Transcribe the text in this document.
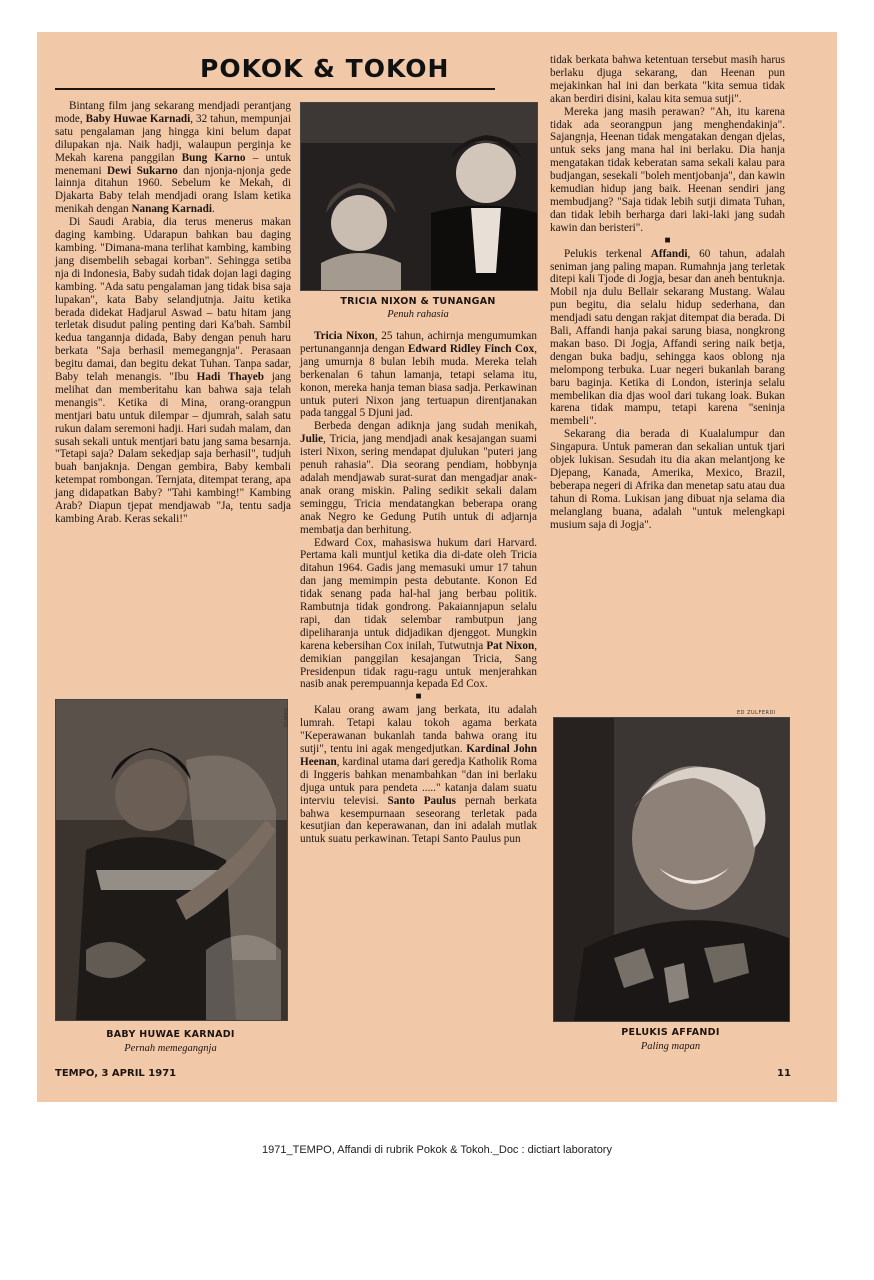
POKOK & TOKOH

Bintang film jang sekarang mendjadi perantjang mode, Baby Huwae Karnadi, 32 tahun, mempunjai satu pengalaman jang hingga kini belum dapat dilupakan nja. Naik hadji, walaupun perginja ke Mekah karena panggilan Bung Karno – untuk menemani Dewi Sukarno dan njonja-njonja gede lainnja ditahun 1960. Sebelum ke Mekah, di Djakarta Baby telah mendjadi orang Islam ketika menikah dengan Nanang Karnadi.

Di Saudi Arabia, dia terus menerus makan daging kambing. Udarapun bahkan bau daging kambing. "Dimana-mana terlihat kambing, kambing jang disembelih sebagai korban". Sehingga setiba nja di Indonesia, Baby sudah tidak dojan lagi daging kambing. "Ada satu pengalaman jang tidak bisa saja lupakan", kata Baby selandjutnja. Jaitu ketika berada didekat Hadjarul Aswad – batu hitam jang terletak disudut paling penting dari Ka'bah. Sambil kedua tangannja didada, Baby dengan penuh haru berkata "Saja berhasil memegangnja". Perasaan begitu damai, dan begitu dekat Tuhan. Tanpa sadar, Baby telah menangis. "Ibu Hadi Thayeb jang melihat dan memberitahu kan bahwa saja telah menangis". Ketika di Mina, orang-orangpun mentjari batu untuk dilempar – djumrah, salah satu rukun dalam seremoni hadji. Hari sudah malam, dan susah sekali untuk mentjari batu jang sama besarnja. "Tetapi saja? Dalam sekedjap saja berhasil", tudjuh buah banjaknja. Dengan gembira, Baby kembali ketempat rombongan. Ternjata, ditempat terang, apa jang didapatkan Baby? "Tahi kambing!" Kambing Arab? Diapun tjepat mendjawab "Ja, tentu sadja kambing Arab. Keras sekali!"

DAWIQ
BABY HUWAE KARNADI
Pernah memegangnja
TRICIA NIXON & TUNANGAN
Penuh rahasia

Tricia Nixon, 25 tahun, achirnja mengumumkan pertunangannja dengan Edward Ridley Finch Cox, jang umurnja 8 bulan lebih muda. Mereka telah berkenalan 6 tahun lamanja, tetapi selama itu, konon, mereka hanja teman biasa sadja. Perkawinan untuk puteri Nixon jang tertuapun direntjanakan pada tanggal 5 Djuni jad.

Berbeda dengan adiknja jang sudah menikah, Julie, Tricia, jang mendjadi anak kesajangan suami isteri Nixon, sering mendapat djulukan "puteri jang penuh rahasia". Dia seorang pendiam, hobbynja adalah mendjawab surat-surat dan mengadjar anak-anak orang miskin. Paling sedikit sekali dalam seminggu, Tricia mendatangkan beberapa orang anak Negro ke Gedung Putih untuk di adjarnja membatja dan berhitung.

Edward Cox, mahasiswa hukum dari Harvard. Pertama kali muntjul ketika dia di-date oleh Tricia ditahun 1964. Gadis jang memasuki umur 17 tahun dan jang memimpin pesta debutante. Konon Ed tidak senang pada hal-hal jang berbau politik. Rambutnja tidak gondrong. Pakaiannjapun selalu rapi, dan tidak selembar rambutpun jang dipeliharanja untuk didjadikan djenggot. Mungkin karena kebersihan Cox inilah, Tutwutnja Pat Nixon, demikian panggilan kesajangan Tricia, Sang Presidenpun tidak ragu-ragu untuk menjerahkan nasib anak perempuannja kepada Ed Cox.

■

Kalau orang awam jang berkata, itu adalah lumrah. Tetapi kalau tokoh agama berkata "Keperawanan bukanlah tanda bahwa orang itu sutji", tentu ini agak mengedjutkan. Kardinal John Heenan, kardinal utama dari geredja Katholik Roma di Inggeris bahkan menambahkan "dan ini berlaku djuga untuk para pendeta ....." katanja dalam suatu interviu televisi. Santo Paulus pernah berkata bahwa kesempurnaan seseorang terletak pada kesutjian dan keperawanan, dan ini adalah mutlak untuk suatu perkawinan. Tetapi Santo Paulus pun

tidak berkata bahwa ketentuan tersebut masih harus berlaku djuga sekarang, dan Heenan pun mejakinkan hal ini dan berkata "kita semua tidak akan berdiri disini, kalau kita semua sutji".

Mereka jang masih perawan? "Ah, itu karena tidak ada seorangpun jang menghendakinja". Sajangnja, Heenan tidak mengatakan dengan djelas, untuk seks jang mana hal ini berlaku. Dia hanja mengatakan tidak keberatan sama sekali kalau para budjangan, sesekali "boleh mentjobanja", dan kawin kemudian hidup jang baik. Heenan sendiri jang membudjang? "Saja tidak lebih sutji dimata Tuhan, dan tidak lebih berharga dari laki-laki jang sudah kawin dan beristeri".

■

Pelukis terkenal Affandi, 60 tahun, adalah seniman jang paling mapan. Rumahnja jang terletak ditepi kali Tjode di Jogja, besar dan aneh bentuknja. Mobil nja dulu Bellair sekarang Mustang. Walau pun begitu, dia selalu hidup sederhana, dan mendjadi satu dengan rakjat ditempat dia berada. Di Bali, Affandi hanja pakai sarung biasa, nongkrong makan baso. Di Jogja, Affandi sering naik betja, dengan buka badju, sehingga kaos oblong nja melompong terbuka. Luar negeri bukanlah barang baru baginja. Ketika di London, isterinja selalu membelikan dia djas wool dari tukang loak. Bukan karena tidak mampu, tetapi karena "seninja membeli".

Sekarang dia berada di Kualalumpur dan Singapura. Untuk pameran dan sekalian untuk tjari objek lukisan. Sesudah itu dia akan melantjong ke Djepang, Kanada, Amerika, Mexico, Brazil, beberapa negeri di Afrika dan menetap satu atau dua tahun di Roma. Lukisan jang dibuat nja selama dia melanglang buana, adalah "untuk melengkapi musium saja di Jogja".

ED ZULFERDI
PELUKIS AFFANDI
Paling mapan
TEMPO, 3 APRIL 1971	11
1971_TEMPO, Affandi di rubrik Pokok & Tokoh._Doc : dictiart laboratory
